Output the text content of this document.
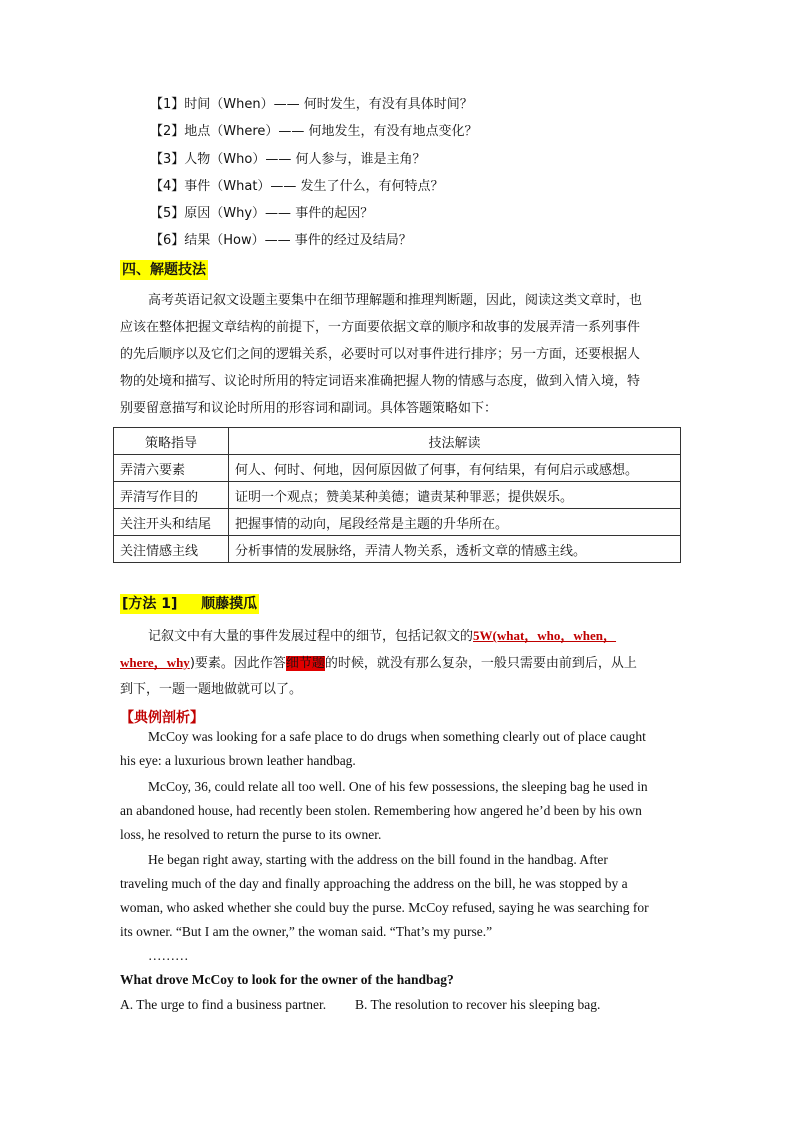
【1】时间（When）—— 何时发生，有没有具体时间？
【2】地点（Where）—— 何地发生，有没有地点变化？
【3】人物（Who）—— 何人参与，谁是主角？
【4】事件（What）—— 发生了什么，有何特点？
【5】原因（Why）—— 事件的起因？
【6】结果（How）—— 事件的经过及结局？
四、解题技法
高考英语记叙文设题主要集中在细节理解题和推理判断题，因此，阅读这类文章时，也
应该在整体把握文章结构的前提下，一方面要依据文章的顺序和故事的发展弄清一系列事件
的先后顺序以及它们之间的逻辑关系，必要时可以对事件进行排序；另一方面，还要根据人
物的处境和描写、议论时所用的特定词语来准确把握人物的情感与态度，做到入情入境，特
别要留意描写和议论时所用的形容词和副词。具体答题策略如下：
策略指导	技法解读
弄清六要素	何人、何时、何地，因何原因做了何事，有何结果，有何启示或感想。
弄清写作目的	证明一个观点；赞美某种美德；谴责某种罪恶；提供娱乐。
关注开头和结尾	把握事情的动向，尾段经常是主题的升华所在。
关注情感主线	分析事情的发展脉络，弄清人物关系，透析文章的情感主线。
[方法 1] 顺藤摸瓜
记叙文中有大量的事件发展过程中的细节，包括记叙文的5W(what，who，when，
where，why)要素。因此作答细节题的时候，就没有那么复杂，一般只需要由前到后，从上
到下，一题一题地做就可以了。
【典例剖析】
McCoy was looking for a safe place to do drugs when something clearly out of place caught
his eye: a luxurious brown leather handbag.
McCoy, 36, could relate all too well. One of his few possessions, the sleeping bag he used in
an abandoned house, had recently been stolen. Remembering how angered he’d been by his own
loss, he resolved to return the purse to its owner.
He began right away, starting with the address on the bill found in the handbag. After
traveling much of the day and finally approaching the address on the bill, he was stopped by a
woman, who asked whether she could buy the purse. McCoy refused, saying he was searching for
its owner. “But I am the owner,” the woman said. “That’s my purse.”
………
What drove McCoy to look for the owner of the handbag?
A. The urge to find a business partner. B. The resolution to recover his sleeping bag.
